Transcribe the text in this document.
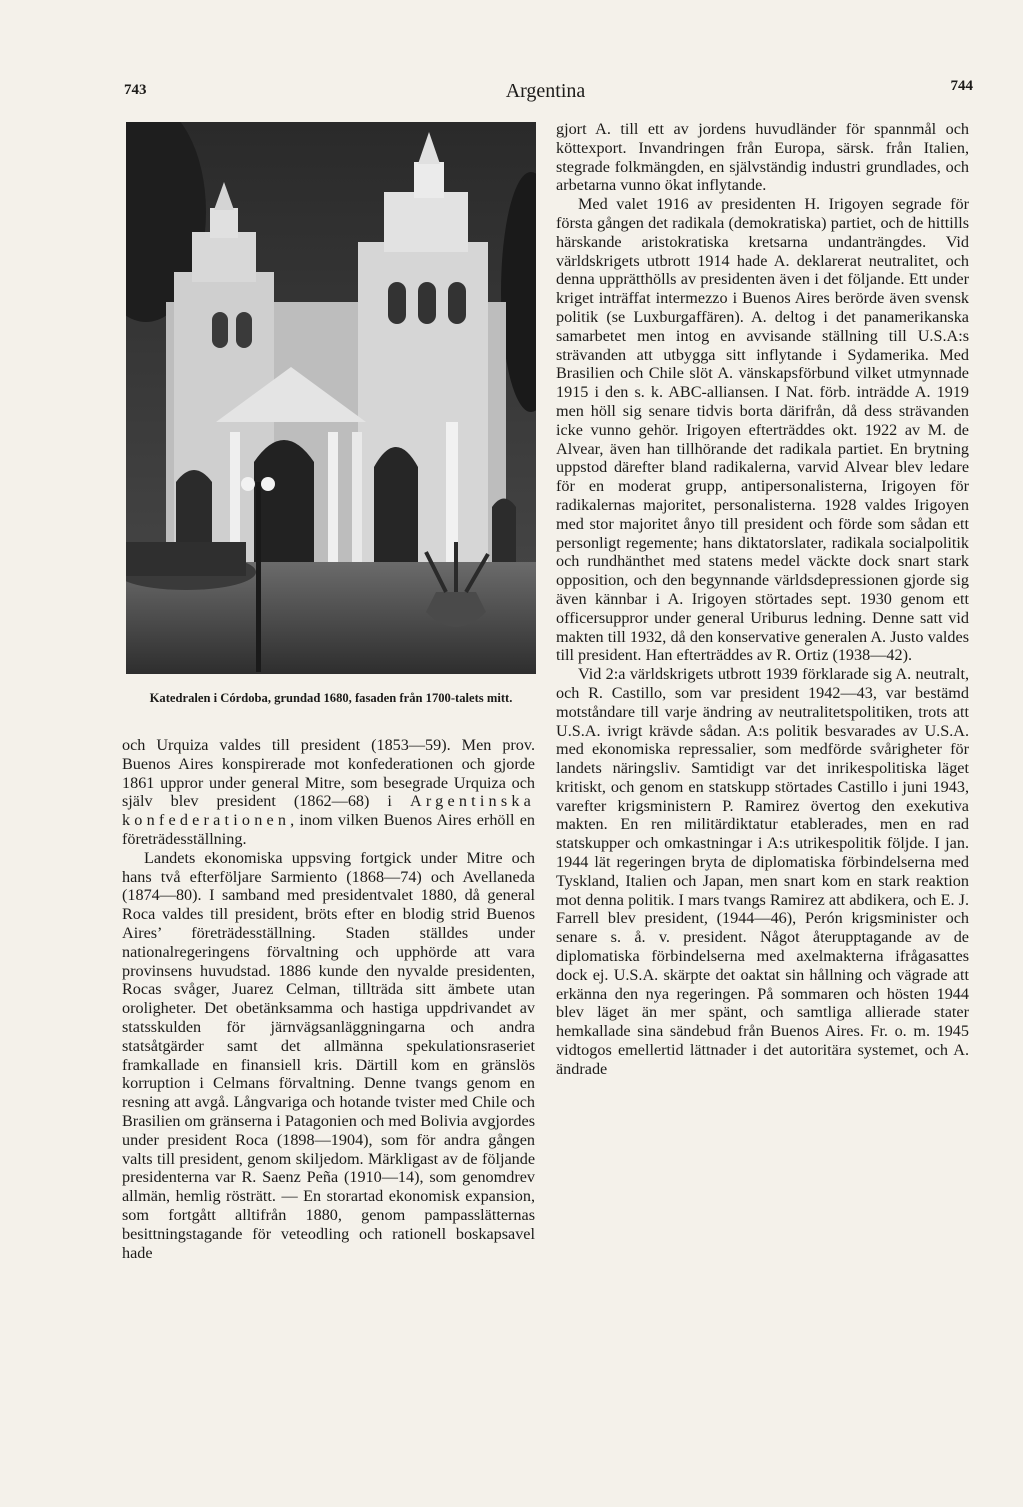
743	Argentina	744
Katedralen i Córdoba, grundad 1680, fasaden från 1700-talets mitt.

och Urquiza valdes till president (1853—59). Men prov. Buenos Aires konspirerade mot konfederationen och gjorde 1861 uppror under general Mitre, som besegrade Urquiza och själv blev president (1862—68) i Argentinska konfederationen, inom vilken Buenos Aires erhöll en företrädesställning.

Landets ekonomiska uppsving fortgick under Mitre och hans två efterföljare Sarmiento (1868—74) och Avellaneda (1874—80). I samband med presidentvalet 1880, då general Roca valdes till president, bröts efter en blodig strid Buenos Aires’ företrädesställning. Staden ställdes under nationalregeringens förvaltning och upphörde att vara provinsens huvudstad. 1886 kunde den nyvalde presidenten, Rocas svåger, Juarez Celman, tillträda sitt ämbete utan oroligheter. Det obetänksamma och hastiga uppdrivandet av statsskulden för järnvägsanläggningarna och andra statsåtgärder samt det allmänna spekulationsraseriet framkallade en finansiell kris. Därtill kom en gränslös korruption i Celmans förvaltning. Denne tvangs genom en resning att avgå. Långvariga och hotande tvister med Chile och Brasilien om gränserna i Patagonien och med Bolivia avgjordes under president Roca (1898—1904), som för andra gången valts till president, genom skiljedom. Märkligast av de följande presidenterna var R. Saenz Peña (1910—14), som genomdrev allmän, hemlig rösträtt. — En storartad ekonomisk expansion, som fortgått alltifrån 1880, genom pampasslätternas besittningstagande för veteodling och rationell boskapsavel hade

gjort A. till ett av jordens huvudländer för spannmål och köttexport. Invandringen från Europa, särsk. från Italien, stegrade folkmängden, en självständig industri grundlades, och arbetarna vunno ökat inflytande.

Med valet 1916 av presidenten H. Irigoyen segrade för första gången det radikala (demokratiska) partiet, och de hittills härskande aristokratiska kretsarna undanträngdes. Vid världskrigets utbrott 1914 hade A. deklarerat neutralitet, och denna upprätthölls av presidenten även i det följande. Ett under kriget inträffat intermezzo i Buenos Aires berörde även svensk politik (se Luxburgaffären). A. deltog i det panamerikanska samarbetet men intog en avvisande ställning till U.S.A:s strävanden att utbygga sitt inflytande i Sydamerika. Med Brasilien och Chile slöt A. vänskapsförbund vilket utmynnade 1915 i den s. k. ABC-alliansen. I Nat. förb. inträdde A. 1919 men höll sig senare tidvis borta därifrån, då dess strävanden icke vunno gehör. Irigoyen efterträddes okt. 1922 av M. de Alvear, även han tillhörande det radikala partiet. En brytning uppstod därefter bland radikalerna, varvid Alvear blev ledare för en moderat grupp, antipersonalisterna, Irigoyen för radikalernas majoritet, personalisterna. 1928 valdes Irigoyen med stor majoritet ånyo till president och förde som sådan ett personligt regemente; hans diktatorslater, radikala socialpolitik och rundhänthet med statens medel väckte dock snart stark opposition, och den begynnande världsdepressionen gjorde sig även kännbar i A. Irigoyen störtades sept. 1930 genom ett officersuppror under general Uriburus ledning. Denne satt vid makten till 1932, då den konservative generalen A. Justo valdes till president. Han efterträddes av R. Ortiz (1938—42).

Vid 2:a världskrigets utbrott 1939 förklarade sig A. neutralt, och R. Castillo, som var president 1942—43, var bestämd motståndare till varje ändring av neutralitetspolitiken, trots att U.S.A. ivrigt krävde sådan. A:s politik besvarades av U.S.A. med ekonomiska repressalier, som medförde svårigheter för landets näringsliv. Samtidigt var det inrikespolitiska läget kritiskt, och genom en statskupp störtades Castillo i juni 1943, varefter krigsministern P. Ramirez övertog den exekutiva makten. En ren militärdiktatur etablerades, men en rad statskupper och omkastningar i A:s utrikespolitik följde. I jan. 1944 lät regeringen bryta de diplomatiska förbindelserna med Tyskland, Italien och Japan, men snart kom en stark reaktion mot denna politik. I mars tvangs Ramirez att abdikera, och E. J. Farrell blev president, (1944—46), Perón krigsminister och senare s. å. v. president. Något återupptagande av de diplomatiska förbindelserna med axelmakterna ifrågasattes dock ej. U.S.A. skärpte det oaktat sin hållning och vägrade att erkänna den nya regeringen. På sommaren och hösten 1944 blev läget än mer spänt, och samtliga allierade stater hemkallade sina sändebud från Buenos Aires. Fr. o. m. 1945 vidtogos emellertid lättnader i det autoritära systemet, och A. ändrade
